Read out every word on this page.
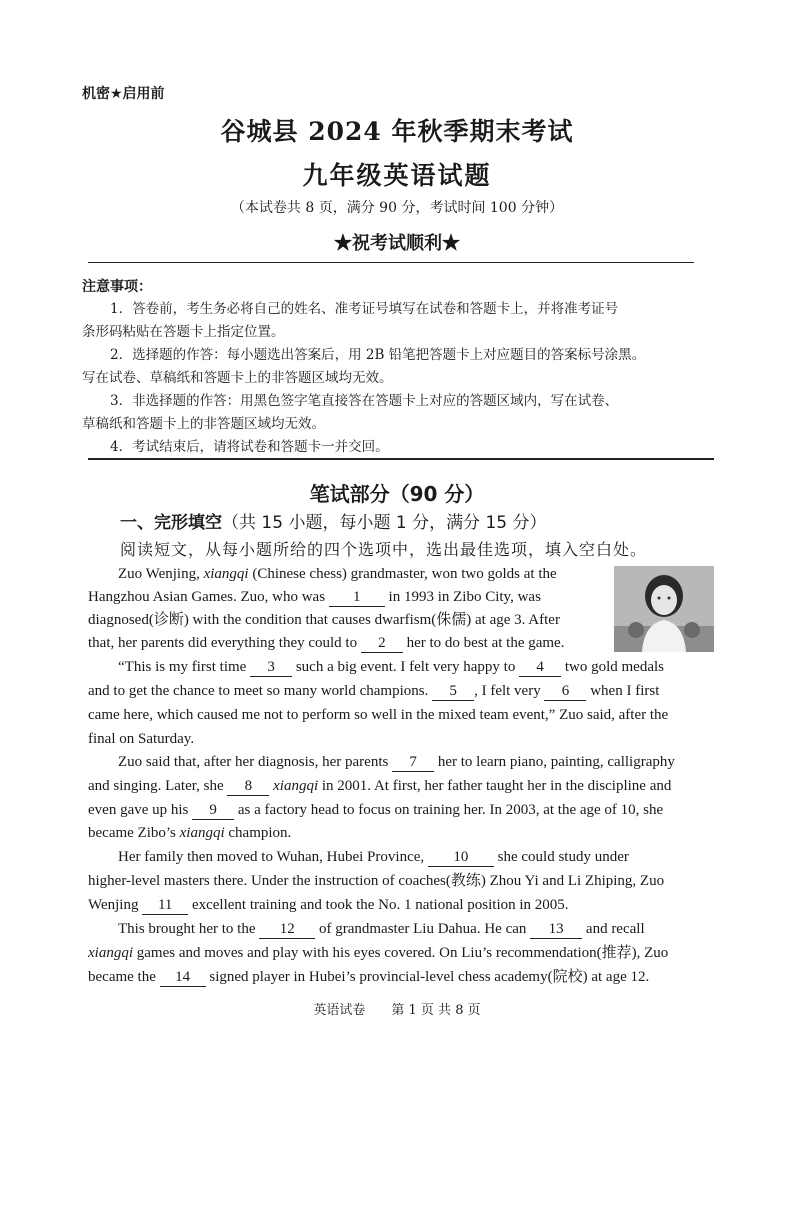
机密★启用前
谷城县 2024 年秋季期末考试
九年级英语试题
（本试卷共 8 页，满分 90 分，考试时间 100 分钟）
★祝考试顺利★
注意事项：

1．答卷前，考生务必将自己的姓名、准考证号填写在试卷和答题卡上，并将准考证号

条形码粘贴在答题卡上指定位置。

2．选择题的作答：每小题选出答案后，用 2B 铅笔把答题卡上对应题目的答案标号涂黑。

写在试卷、草稿纸和答题卡上的非答题区域均无效。

3．非选择题的作答：用黑色签字笔直接答在答题卡上对应的答题区域内，写在试卷、

草稿纸和答题卡上的非答题区域均无效。

4．考试结束后，请将试卷和答题卡一并交回。

笔试部分（90 分）
一、完形填空（共 15 小题，每小题 1 分，满分 15 分）
阅读短文，从每小题所给的四个选项中，选出最佳选项，填入空白处。
Zuo Wenjing, xiangqi (Chinese chess) grandmaster, won two golds at the
Hangzhou Asian Games. Zuo, who was 1 in 1993 in Zibo City, was
diagnosed(诊断) with the condition that causes dwarfism(侏儒) at age 3. After
that, her parents did everything they could to 2 her to do best at the game.
“This is my first time 3 such a big event. I felt very happy to 4 two gold medals
and to get the chance to meet so many world champions. 5 , I felt very 6 when I first
came here, which caused me not to perform so well in the mixed team event,” Zuo said, after the
final on Saturday.
Zuo said that, after her diagnosis, her parents 7 her to learn piano, painting, calligraphy
and singing. Later, she 8 xiangqi in 2001. At first, her father taught her in the discipline and
even gave up his 9 as a factory head to focus on training her. In 2003, at the age of 10, she
became Zibo’s xiangqi champion.
Her family then moved to Wuhan, Hubei Province, 10 she could study under
higher-level masters there. Under the instruction of coaches(教练) Zhou Yi and Li Zhiping, Zuo
Wenjing 11 excellent training and took the No. 1 national position in 2005.
This brought her to the 12 of grandmaster Liu Dahua. He can 13 and recall
xiangqi games and moves and play with his eyes covered. On Liu’s recommendation(推荐), Zuo
became the 14 signed player in Hubei’s provincial-level chess academy(院校) at age 12.
英语试卷　　第 1 页 共 8 页
